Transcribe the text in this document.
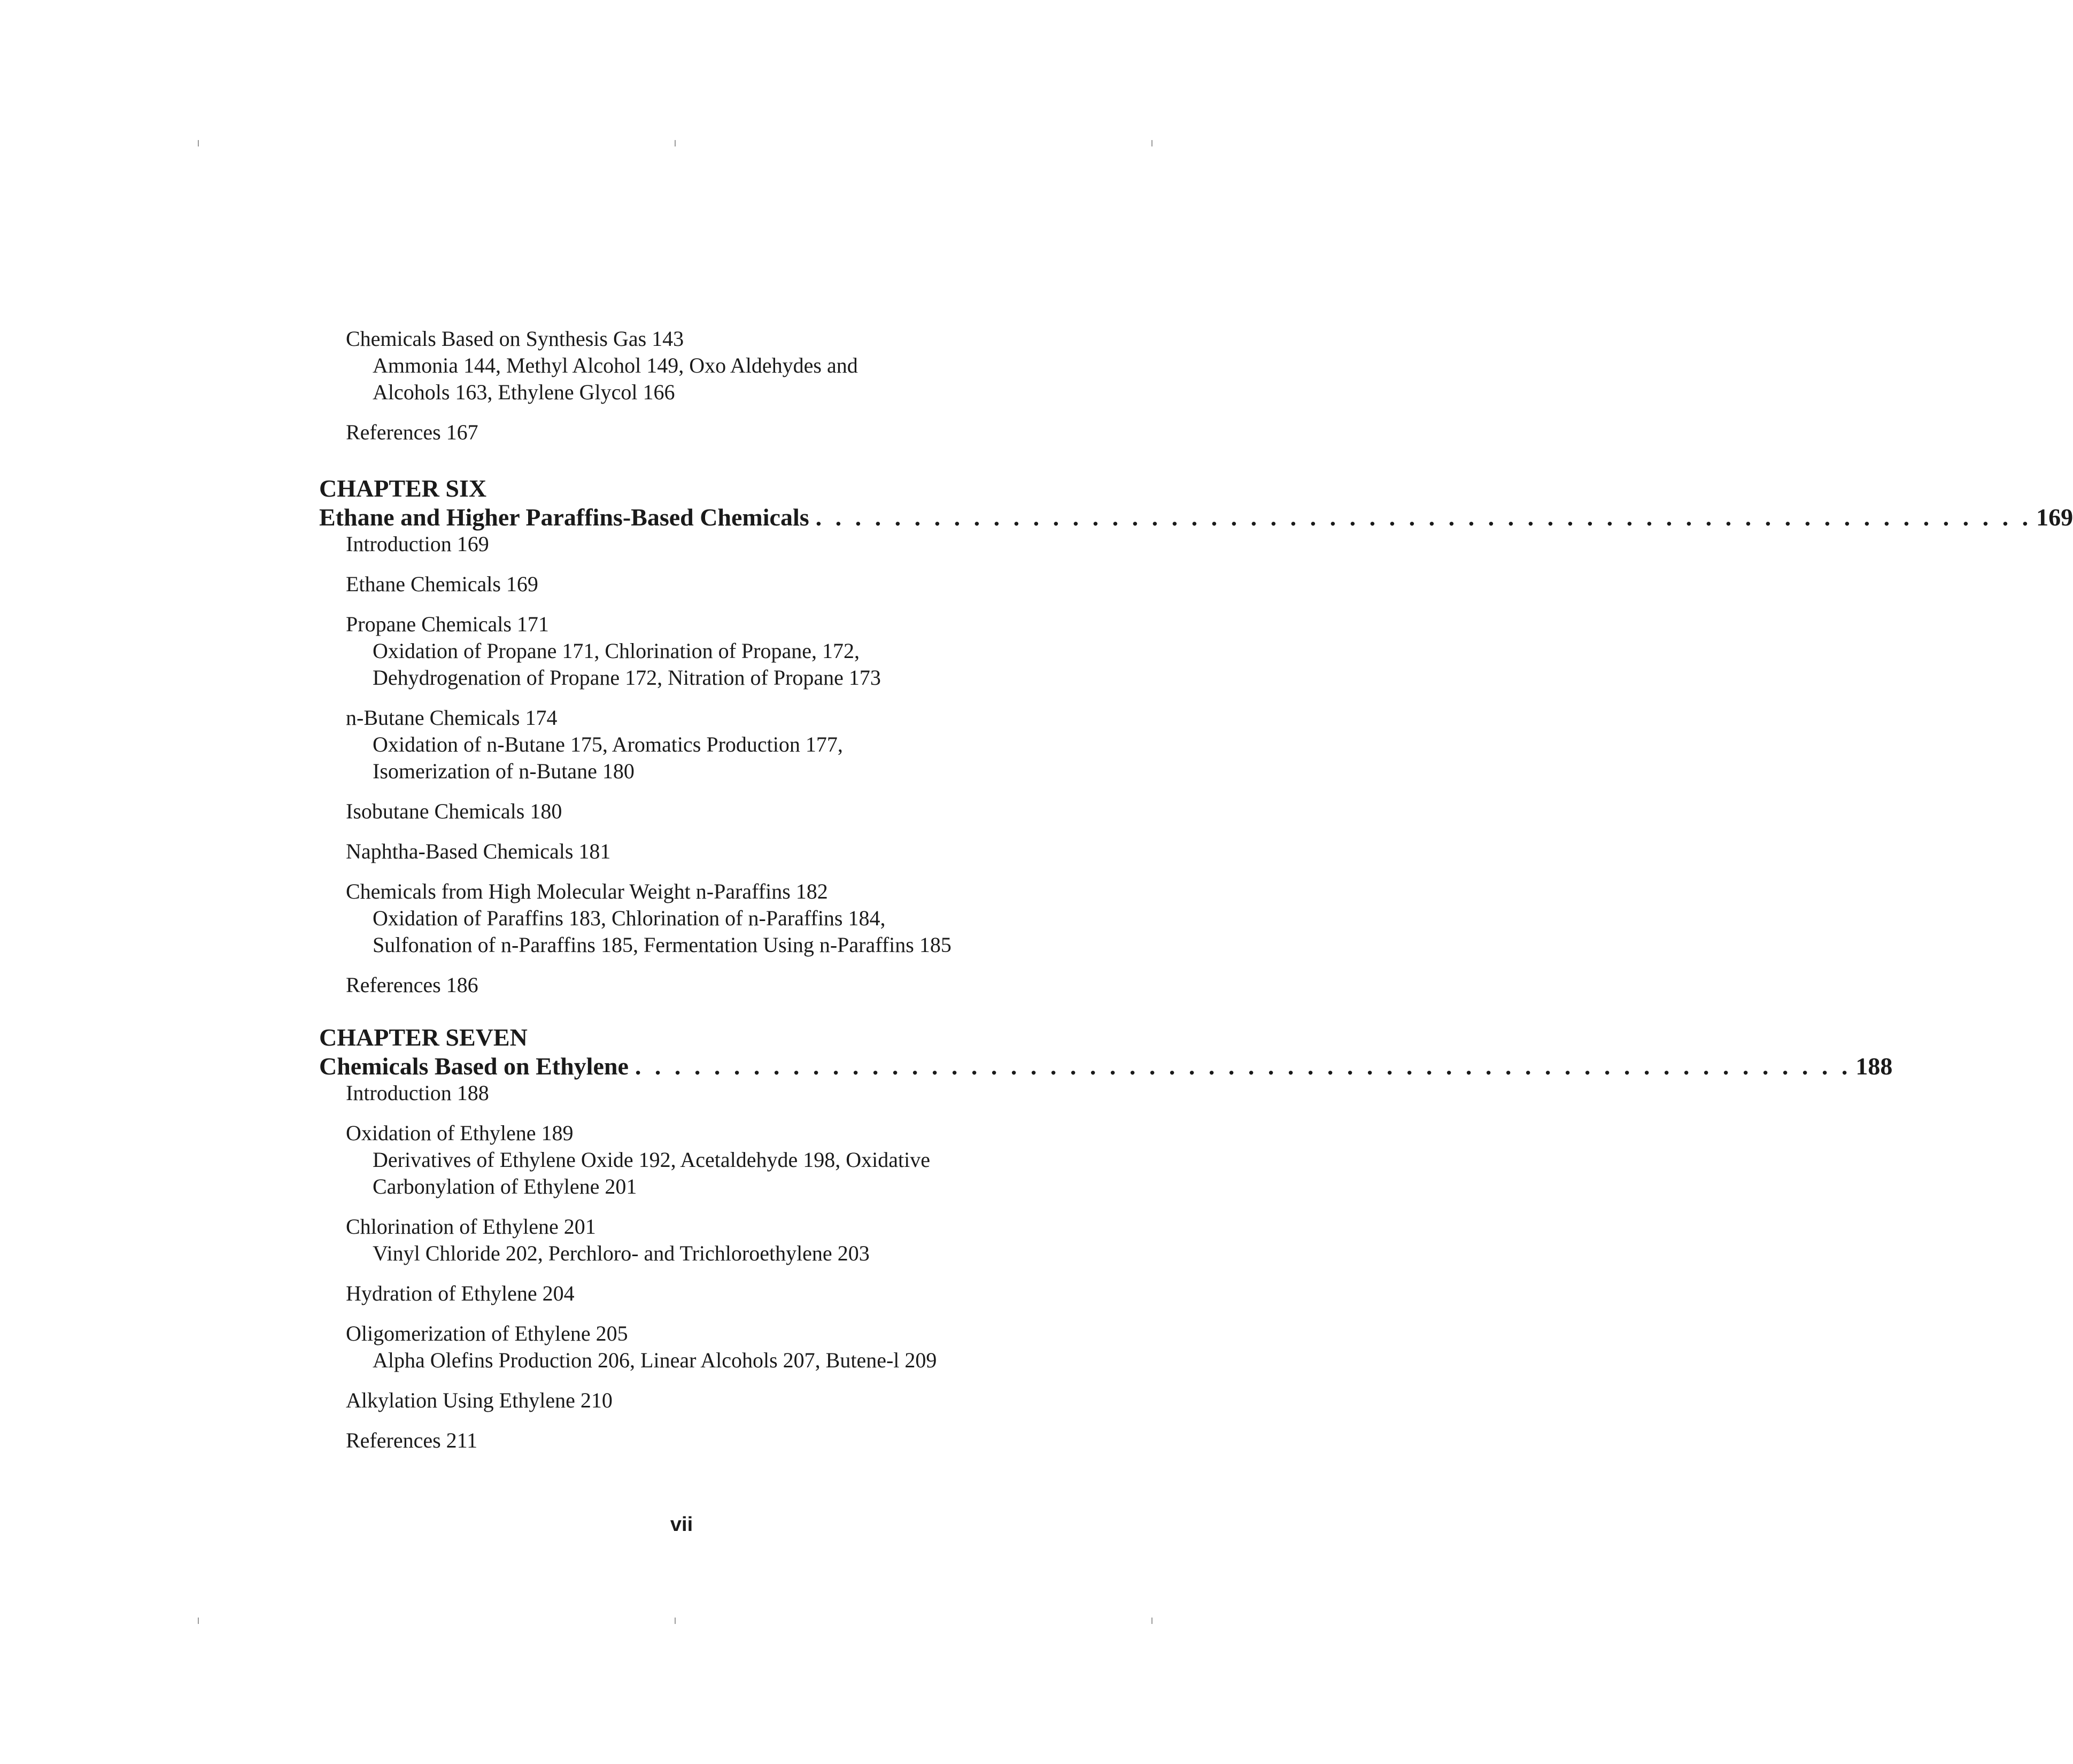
Chemicals Based on Synthesis Gas 143
Ammonia 144, Methyl Alcohol 149, Oxo Aldehydes and
Alcohols 163, Ethylene Glycol 166
References 167
CHAPTER SIX
Ethane and Higher Paraffins-Based Chemicals . . . . . . . . . . . . . . . . . . . . . . . . . . . . . . . . . . . . . . . . . . . . . . . . . . . . . . . . . . . . . . 169
Introduction 169
Ethane Chemicals 169
Propane Chemicals 171
Oxidation of Propane 171, Chlorination of Propane, 172,
Dehydrogenation of Propane 172, Nitration of Propane 173
n-Butane Chemicals 174
Oxidation of n-Butane 175, Aromatics Production 177,
Isomerization of n-Butane 180
Isobutane Chemicals 180
Naphtha-Based Chemicals 181
Chemicals from High Molecular Weight n-Paraffins 182
Oxidation of Paraffins 183, Chlorination of n-Paraffins 184,
Sulfonation of n-Paraffins 185, Fermentation Using n-Paraffins 185
References 186
CHAPTER SEVEN
Chemicals Based on Ethylene . . . . . . . . . . . . . . . . . . . . . . . . . . . . . . . . . . . . . . . . . . . . . . . . . . . . . . . . . . . . . . 188
Introduction 188
Oxidation of Ethylene 189
Derivatives of Ethylene Oxide 192, Acetaldehyde 198, Oxidative
Carbonylation of Ethylene 201
Chlorination of Ethylene 201
Vinyl Chloride 202, Perchloro- and Trichloroethylene 203
Hydration of Ethylene 204
Oligomerization of Ethylene 205
Alpha Olefins Production 206, Linear Alcohols 207, Butene-l 209
Alkylation Using Ethylene 210
References 211
vii
